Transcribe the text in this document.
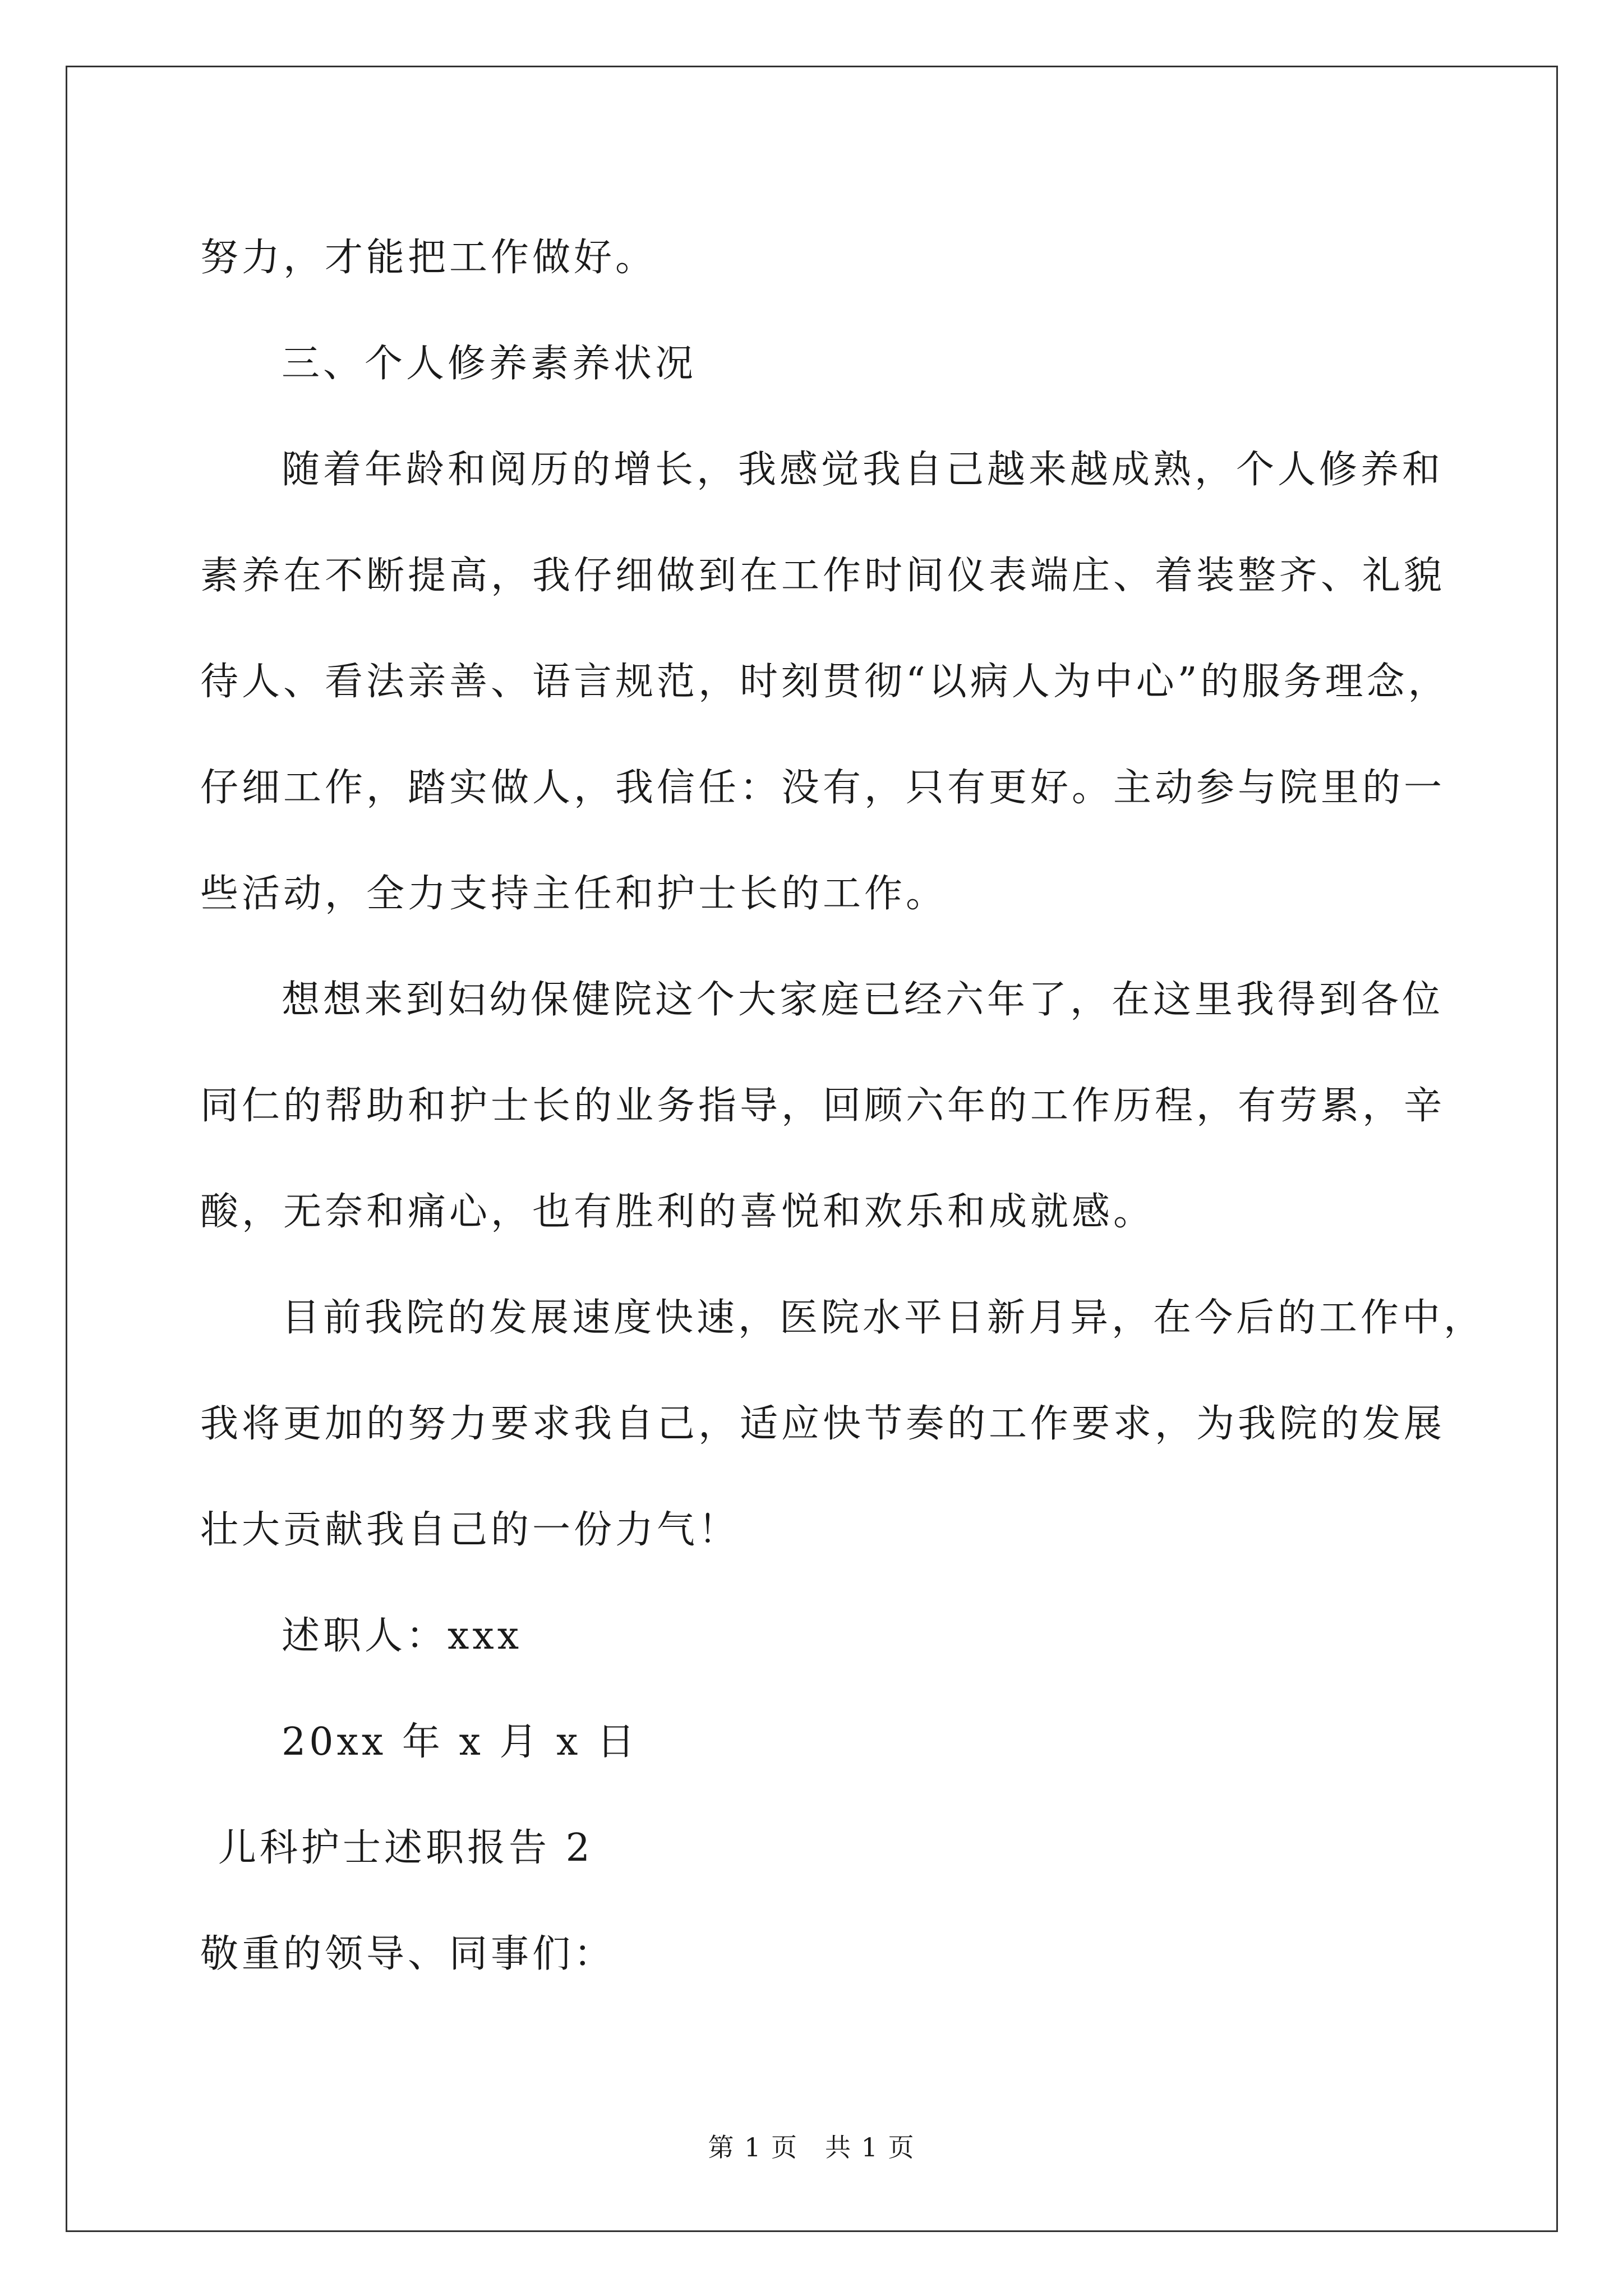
努力，才能把工作做好。
三、个人修养素养状况
随着年龄和阅历的增长，我感觉我自己越来越成熟，个人修养和
素养在不断提高，我仔细做到在工作时间仪表端庄、着装整齐、礼貌
待人、看法亲善、语言规范，时刻贯彻“以病人为中心”的服务理念，
仔细工作，踏实做人，我信任：没有，只有更好。主动参与院里的一
些活动，全力支持主任和护士长的工作。
想想来到妇幼保健院这个大家庭已经六年了，在这里我得到各位
同仁的帮助和护士长的业务指导，回顾六年的工作历程，有劳累，辛
酸，无奈和痛心，也有胜利的喜悦和欢乐和成就感。
目前我院的发展速度快速，医院水平日新月异，在今后的工作中，
我将更加的努力要求我自己，适应快节奏的工作要求，为我院的发展
壮大贡献我自己的一份力气！
述职人：xxx
20xx 年 x 月 x 日
儿科护士述职报告 2
敬重的领导、同事们：
第 1 页　共 1 页
